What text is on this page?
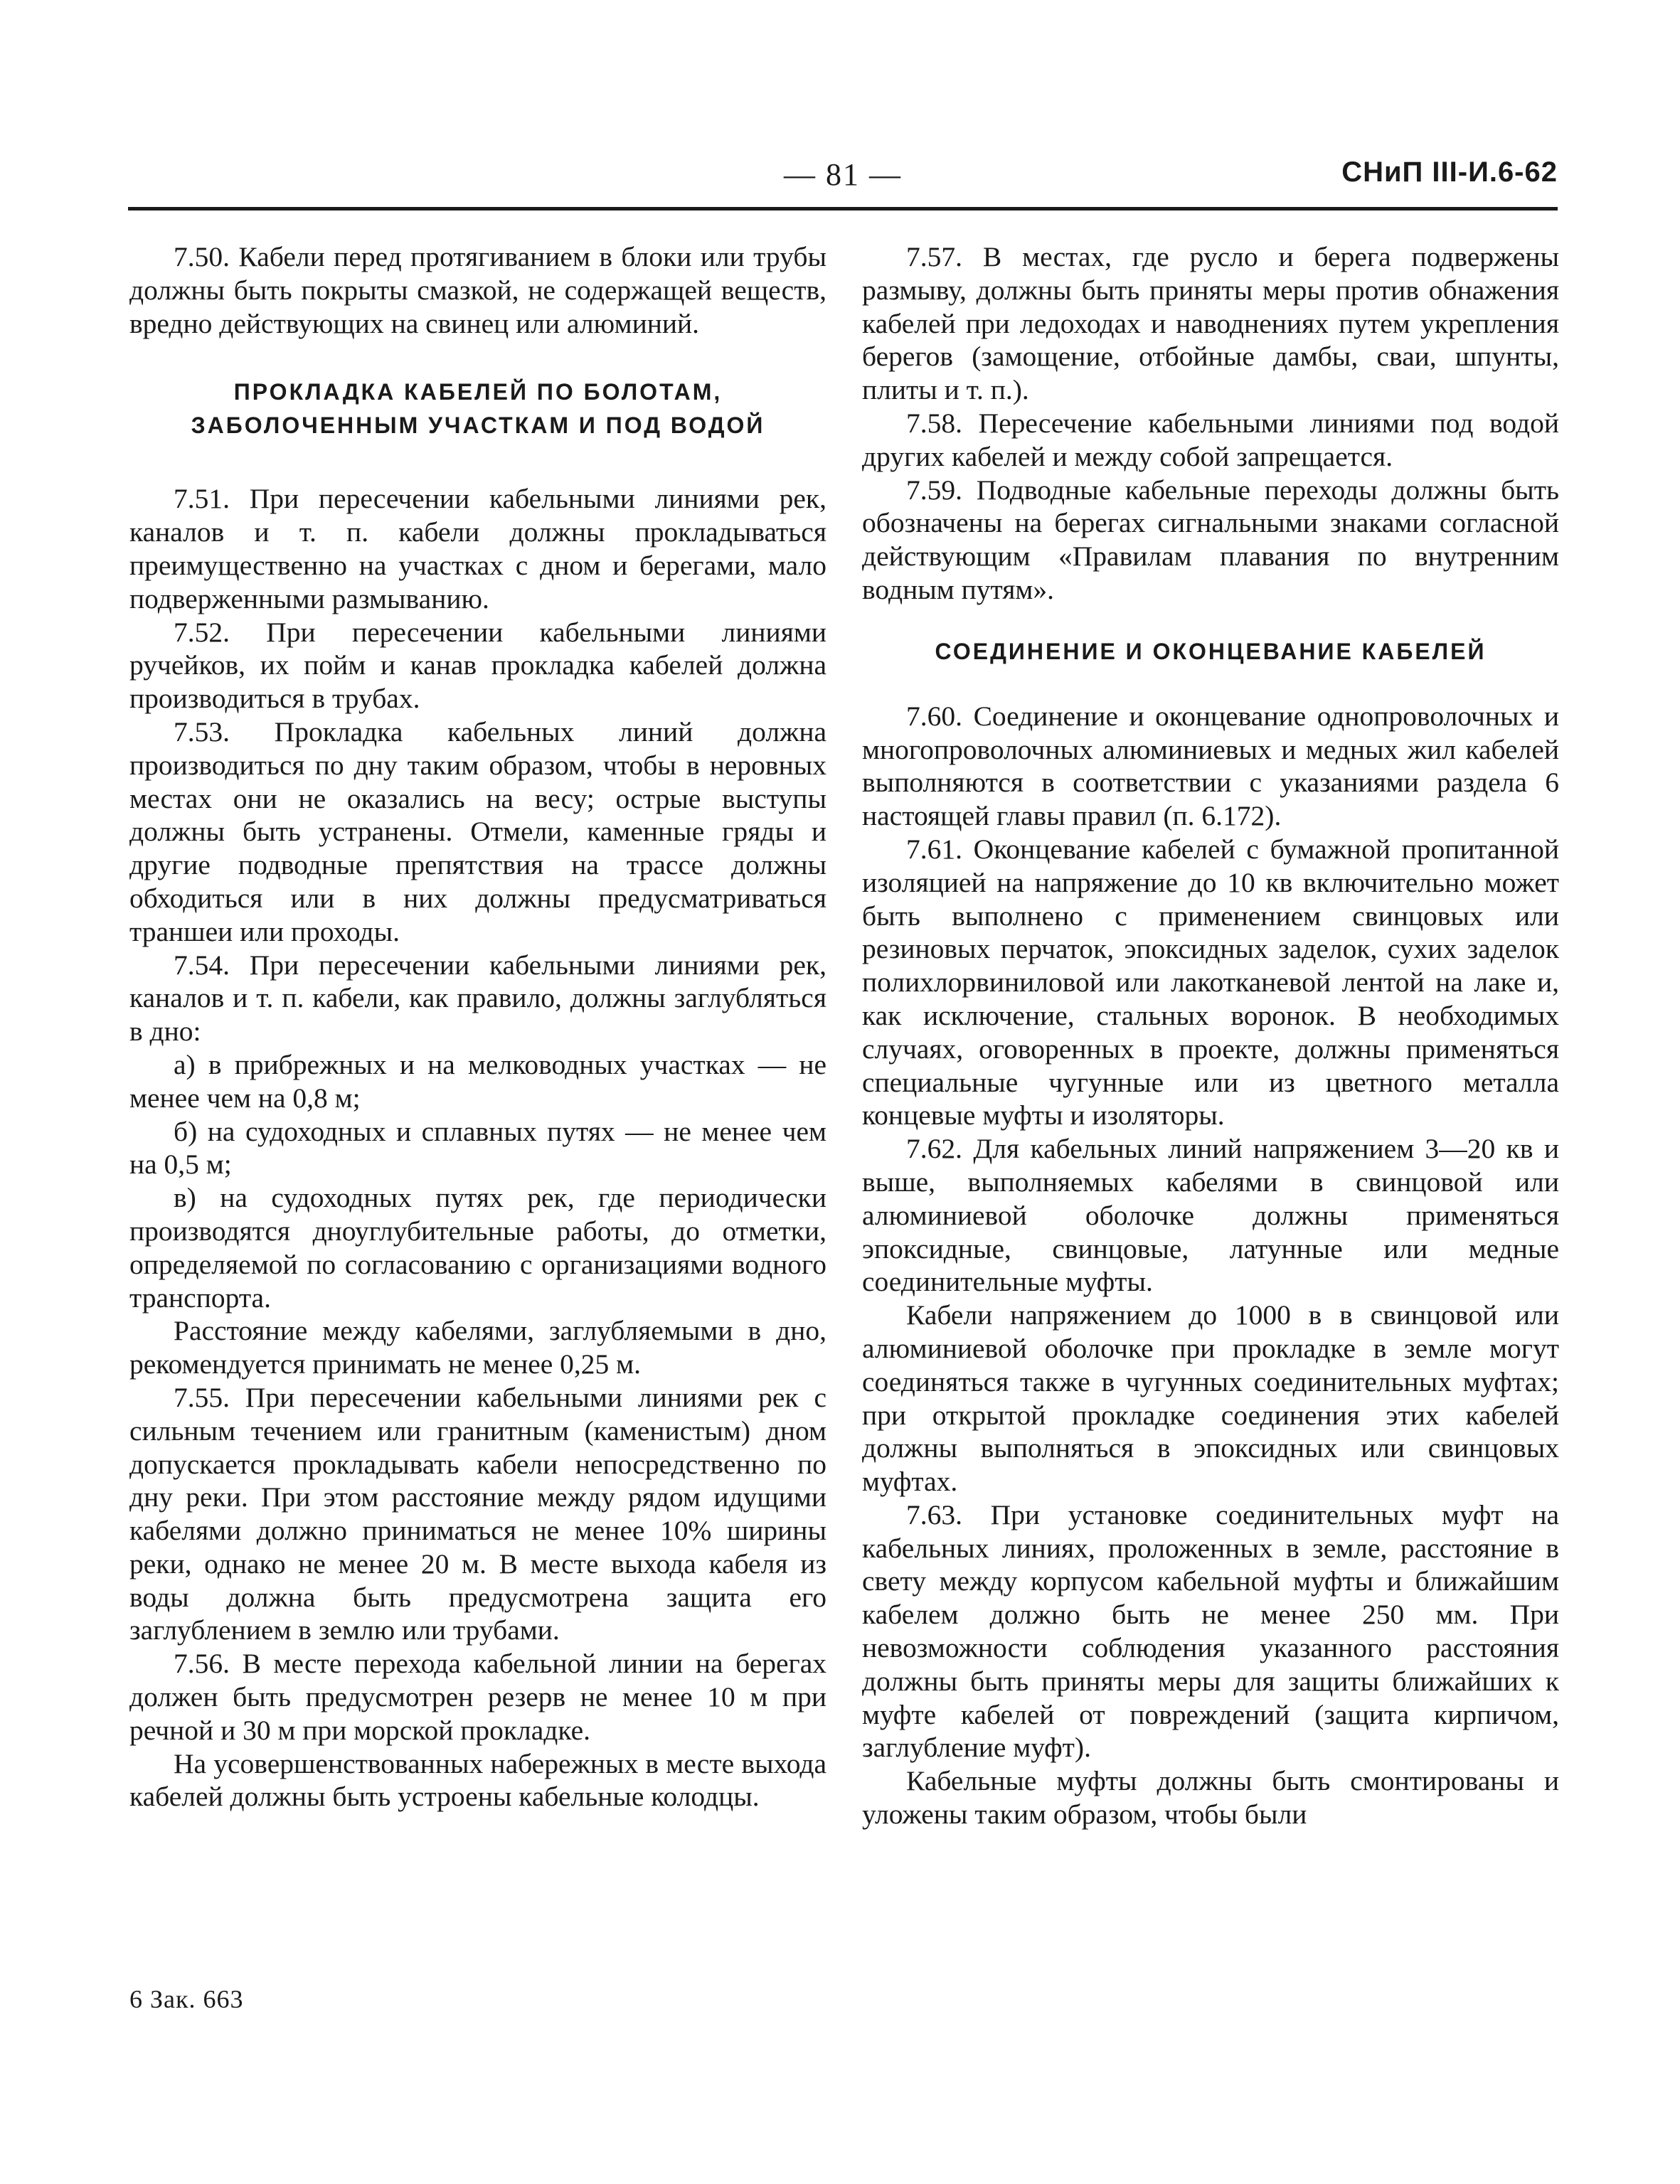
— 81 —	СНиП III-И.6-62

7.50. Кабели перед протягиванием в блоки или трубы должны быть покрыты смазкой, не содержащей веществ, вредно действующих на свинец или алюминий.

ПРОКЛАДКА КАБЕЛЕЙ ПО БОЛОТАМ, ЗАБОЛОЧЕННЫМ УЧАСТКАМ И ПОД ВОДОЙ

7.51. При пересечении кабельными линиями рек, каналов и т. п. кабели должны прокладываться преимущественно на участках с дном и берегами, мало подверженными размыванию.

7.52. При пересечении кабельными линиями ручейков, их пойм и канав прокладка кабелей должна производиться в трубах.

7.53. Прокладка кабельных линий должна производиться по дну таким образом, чтобы в неровных местах они не оказались на весу; острые выступы должны быть устранены. Отмели, каменные гряды и другие подводные препятствия на трассе должны обходиться или в них должны предусматриваться траншеи или проходы.

7.54. При пересечении кабельными линиями рек, каналов и т. п. кабели, как правило, должны заглубляться в дно:

а) в прибрежных и на мелководных участках — не менее чем на 0,8 м;

б) на судоходных и сплавных путях — не менее чем на 0,5 м;

в) на судоходных путях рек, где периодически производятся дноуглубительные работы, до отметки, определяемой по согласованию с организациями водного транспорта.

Расстояние между кабелями, заглубляемыми в дно, рекомендуется принимать не менее 0,25 м.

7.55. При пересечении кабельными линиями рек с сильным течением или гранитным (каменистым) дном допускается прокладывать кабели непосредственно по дну реки. При этом расстояние между рядом идущими кабелями должно приниматься не менее 10% ширины реки, однако не менее 20 м. В месте выхода кабеля из воды должна быть предусмотрена защита его заглублением в землю или трубами.

7.56. В месте перехода кабельной линии на берегах должен быть предусмотрен резерв не менее 10 м при речной и 30 м при морской прокладке.

На усовершенствованных набережных в месте выхода кабелей должны быть устроены кабельные колодцы.

7.57. В местах, где русло и берега подвержены размыву, должны быть приняты меры против обнажения кабелей при ледоходах и наводнениях путем укрепления берегов (замощение, отбойные дамбы, сваи, шпунты, плиты и т. п.).

7.58. Пересечение кабельными линиями под водой других кабелей и между собой запрещается.

7.59. Подводные кабельные переходы должны быть обозначены на берегах сигнальными знаками согласной действующим «Правилам плавания по внутренним водным путям».

СОЕДИНЕНИЕ И ОКОНЦЕВАНИЕ КАБЕЛЕЙ

7.60. Соединение и оконцевание однопроволочных и многопроволочных алюминиевых и медных жил кабелей выполняются в соответствии с указаниями раздела 6 настоящей главы правил (п. 6.172).

7.61. Оконцевание кабелей с бумажной пропитанной изоляцией на напряжение до 10 кв включительно может быть выполнено с применением свинцовых или резиновых перчаток, эпоксидных заделок, сухих заделок полихлорвиниловой или лакотканевой лентой на лаке и, как исключение, стальных воронок. В необходимых случаях, оговоренных в проекте, должны применяться специальные чугунные или из цветного металла концевые муфты и изоляторы.

7.62. Для кабельных линий напряжением 3—20 кв и выше, выполняемых кабелями в свинцовой или алюминиевой оболочке должны применяться эпоксидные, свинцовые, латунные или медные соединительные муфты.

Кабели напряжением до 1000 в в свинцовой или алюминиевой оболочке при прокладке в земле могут соединяться также в чугунных соединительных муфтах; при открытой прокладке соединения этих кабелей должны выполняться в эпоксидных или свинцовых муфтах.

7.63. При установке соединительных муфт на кабельных линиях, проложенных в земле, расстояние в свету между корпусом кабельной муфты и ближайшим кабелем должно быть не менее 250 мм. При невозможности соблюдения указанного расстояния должны быть приняты меры для защиты ближайших к муфте кабелей от повреждений (защита кирпичом, заглубление муфт).

Кабельные муфты должны быть смонтированы и уложены таким образом, чтобы были

6 Зак. 663
